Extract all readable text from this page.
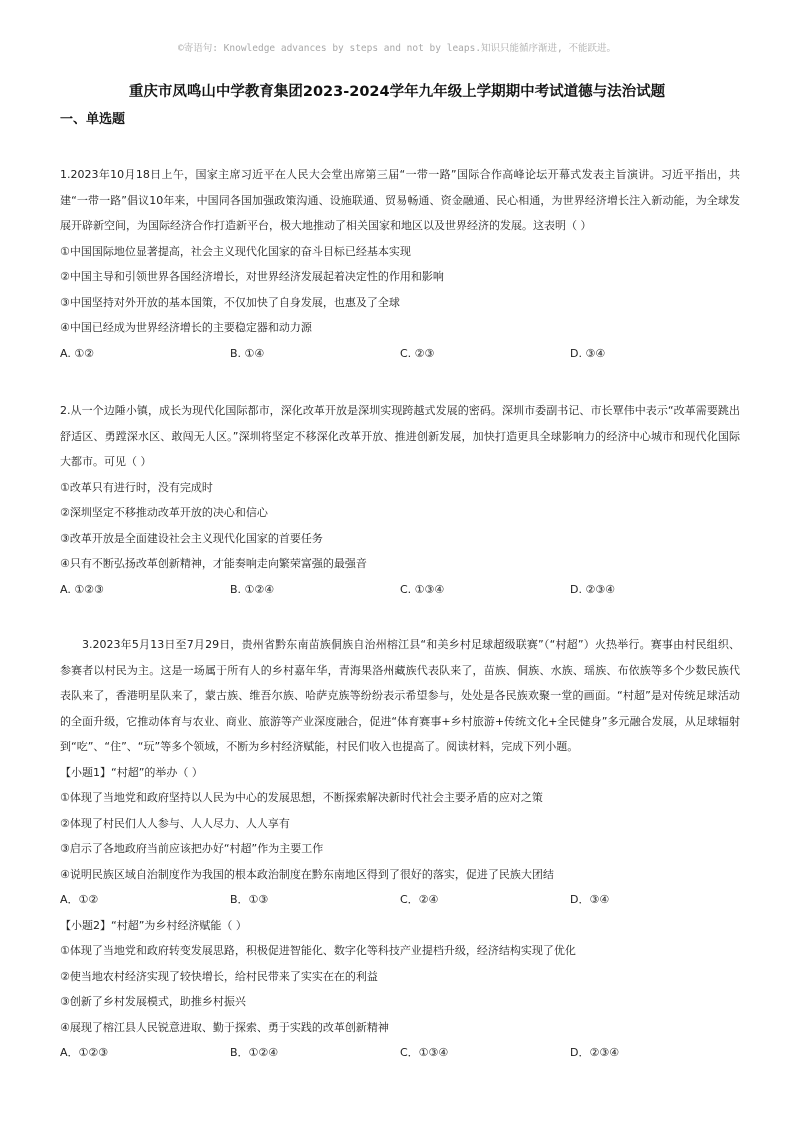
©寄语句: Knowledge advances by steps and not by leaps.知识只能循序渐进, 不能跃进。
重庆市凤鸣山中学教育集团2023-2024学年九年级上学期期中考试道德与法治试题
一、单选题

1.2023年10月18日上午，国家主席习近平在人民大会堂出席第三届“一带一路”国际合作高峰论坛开幕式发表主旨演讲。习近平指出，共建“一带一路”倡议10年来，中国同各国加强政策沟通、设施联通、贸易畅通、资金融通、民心相通，为世界经济增长注入新动能，为全球发展开辟新空间，为国际经济合作打造新平台，极大地推动了相关国家和地区以及世界经济的发展。这表明（ ）

①中国国际地位显著提高，社会主义现代化国家的奋斗目标已经基本实现

②中国主导和引领世界各国经济增长，对世界经济发展起着决定性的作用和影响

③中国坚持对外开放的基本国策，不仅加快了自身发展，也惠及了全球

④中国已经成为世界经济增长的主要稳定器和动力源

A. ①②	B. ①④	C. ②③	D. ③④

2.从一个边陲小镇，成长为现代化国际都市，深化改革开放是深圳实现跨越式发展的密码。深圳市委副书记、市长覃伟中表示“改革需要跳出舒适区、勇蹚深水区、敢闯无人区。”深圳将坚定不移深化改革开放、推进创新发展，加快打造更具全球影响力的经济中心城市和现代化国际大都市。可见（ ）

①改革只有进行时，没有完成时

②深圳坚定不移推动改革开放的决心和信心

③改革开放是全面建设社会主义现代化国家的首要任务

④只有不断弘扬改革创新精神，才能奏响走向繁荣富强的最强音

A. ①②③	B. ①②④	C. ①③④	D. ②③④

3.2023年5月13日至7月29日，贵州省黔东南苗族侗族自治州榕江县“和美乡村足球超级联赛”（“村超”）火热举行。赛事由村民组织、参赛者以村民为主。这是一场属于所有人的乡村嘉年华，青海果洛州藏族代表队来了，苗族、侗族、水族、瑶族、布依族等多个少数民族代表队来了，香港明星队来了，蒙古族、维吾尔族、哈萨克族等纷纷表示希望参与，处处是各民族欢聚一堂的画面。“村超”是对传统足球活动的全面升级，它推动体育与农业、商业、旅游等产业深度融合，促进“体育赛事+乡村旅游+传统文化+全民健身”多元融合发展，从足球辐射到“吃”、“住”、“玩”等多个领域，不断为乡村经济赋能，村民们收入也提高了。阅读材料，完成下列小题。

【小题1】“村超”的举办（ ）

①体现了当地党和政府坚持以人民为中心的发展思想，不断探索解决新时代社会主要矛盾的应对之策

②体现了村民们人人参与、人人尽力、人人享有

③启示了各地政府当前应该把办好“村超”作为主要工作

④说明民族区域自治制度作为我国的根本政治制度在黔东南地区得到了很好的落实，促进了民族大团结

A．①②	B．①③	C．②④	D．③④

【小题2】“村超”为乡村经济赋能（ ）

①体现了当地党和政府转变发展思路，积极促进智能化、数字化等科技产业提档升级，经济结构实现了优化

②使当地农村经济实现了较快增长，给村民带来了实实在在的利益

③创新了乡村发展模式，助推乡村振兴

④展现了榕江县人民锐意进取、勤于探索、勇于实践的改革创新精神

A．①②③	B．①②④	C．①③④	D．②③④
